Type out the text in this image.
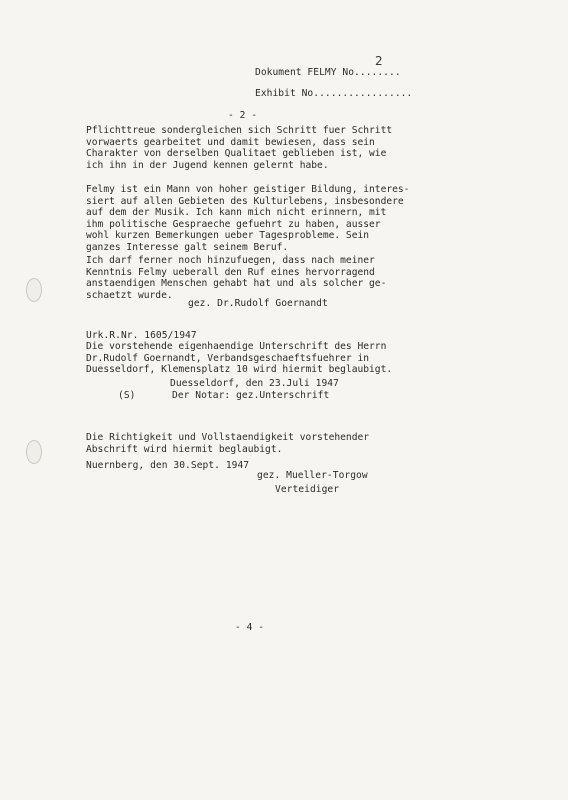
2
Dokument FELMY No........
Exhibit No.................
- 2 -
Pflichttreue sondergleichen sich Schritt fuer Schritt
vorwaerts gearbeitet und damit bewiesen, dass sein
Charakter von derselben Qualitaet geblieben ist, wie
ich ihn in der Jugend kennen gelernt habe.
Felmy ist ein Mann von hoher geistiger Bildung, interes-
siert auf allen Gebieten des Kulturlebens, insbesondere
auf dem der Musik. Ich kann mich nicht erinnern, mit
ihm politische Gespraeche gefuehrt zu haben, ausser
wohl kurzen Bemerkungen ueber Tagesprobleme. Sein
ganzes Interesse galt seinem Beruf.
Ich darf ferner noch hinzufuegen, dass nach meiner
Kenntnis Felmy ueberall den Ruf eines hervorragend
anstaendigen Menschen gehabt hat und als solcher ge-
schaetzt wurde.
gez. Dr.Rudolf Goernandt
Urk.R.Nr. 1605/1947
Die vorstehende eigenhaendige Unterschrift des Herrn
Dr.Rudolf Goernandt, Verbandsgeschaeftsfuehrer in
Duesseldorf, Klemensplatz 10 wird hiermit beglaubigt.
Duesseldorf, den 23.Juli 1947
(S)	Der Notar: gez.Unterschrift
Die Richtigkeit und Vollstaendigkeit vorstehender
Abschrift wird hiermit beglaubigt.
Nuernberg, den 30.Sept. 1947
gez. Mueller-Torgow
Verteidiger
- 4 -
